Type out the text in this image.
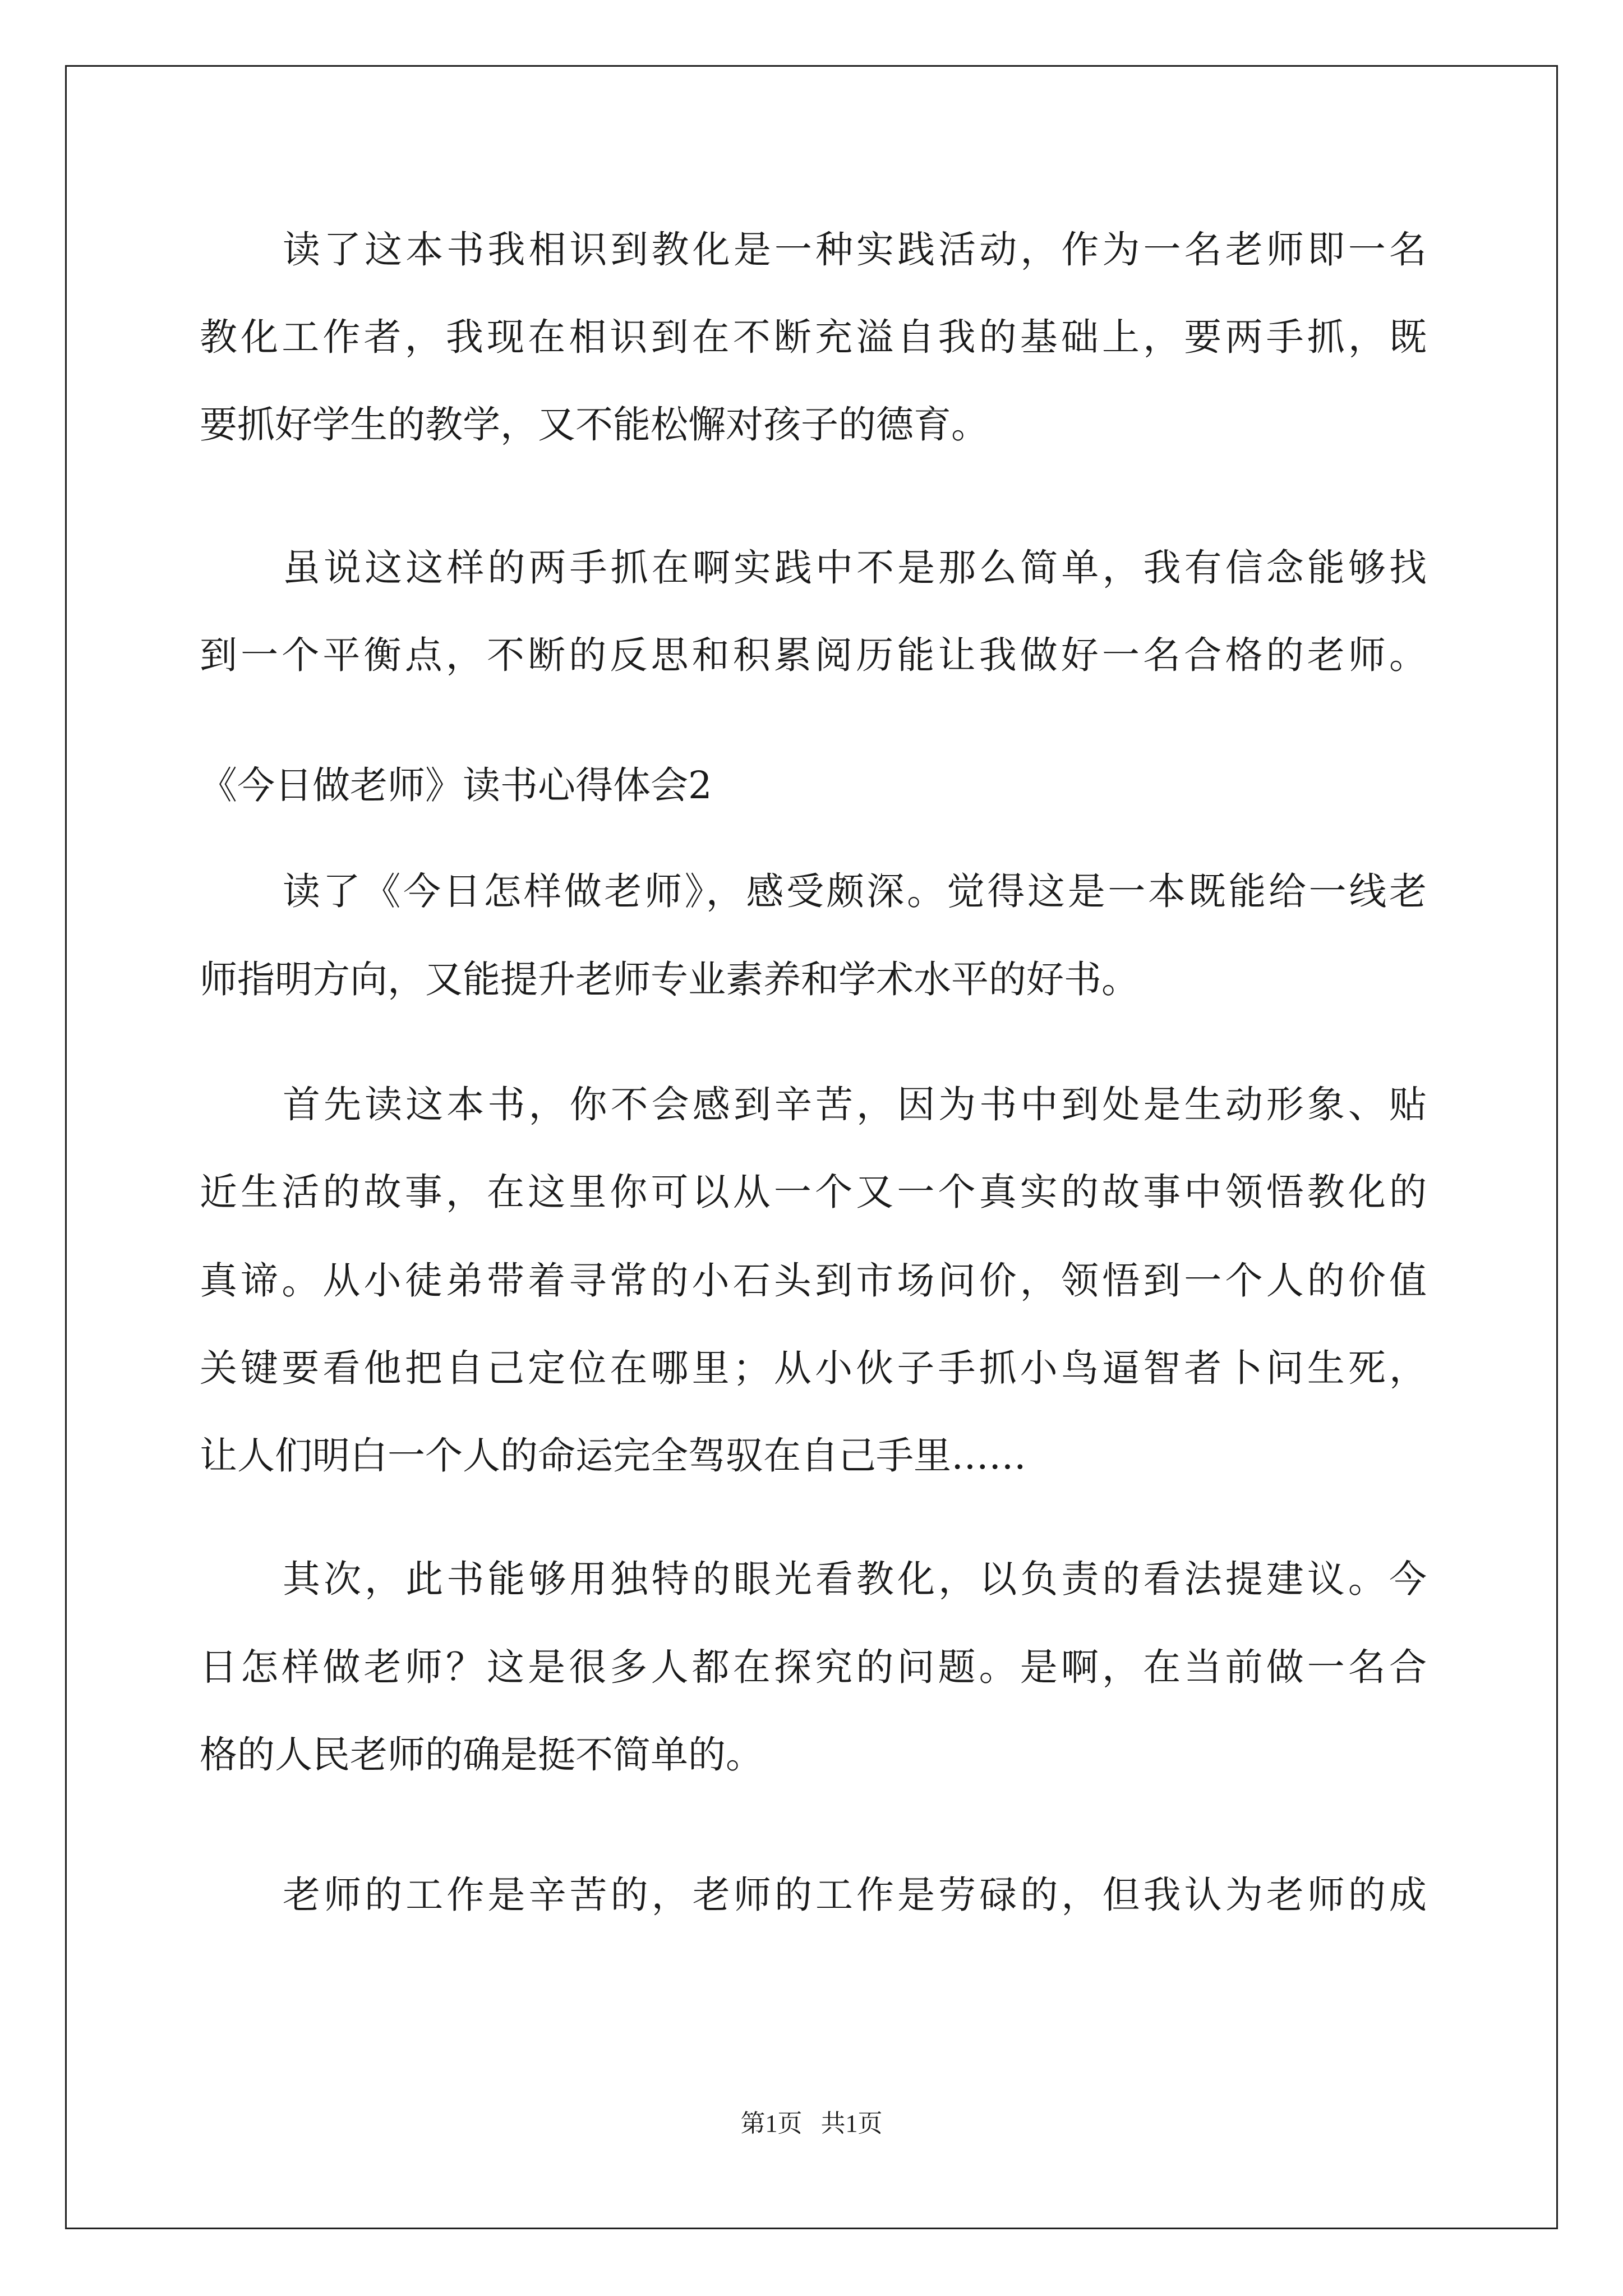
读了这本书我相识到教化是一种实践活动，作为一名老师即一名
教化工作者，我现在相识到在不断充溢自我的基础上，要两手抓，既
要抓好学生的教学，又不能松懈对孩子的德育。
虽说这这样的两手抓在啊实践中不是那么简单，我有信念能够找
到一个平衡点，不断的反思和积累阅历能让我做好一名合格的老师。
《今日做老师》读书心得体会2
读了《今日怎样做老师》，感受颇深。觉得这是一本既能给一线老
师指明方向，又能提升老师专业素养和学术水平的好书。
首先读这本书，你不会感到辛苦，因为书中到处是生动形象、贴
近生活的故事，在这里你可以从一个又一个真实的故事中领悟教化的
真谛。从小徒弟带着寻常的小石头到市场问价，领悟到一个人的价值
关键要看他把自己定位在哪里；从小伙子手抓小鸟逼智者卜问生死，
让人们明白一个人的命运完全驾驭在自己手里……
其次，此书能够用独特的眼光看教化，以负责的看法提建议。今
日怎样做老师？这是很多人都在探究的问题。是啊，在当前做一名合
格的人民老师的确是挺不简单的。
老师的工作是辛苦的，老师的工作是劳碌的，但我认为老师的成
第1页 共1页
